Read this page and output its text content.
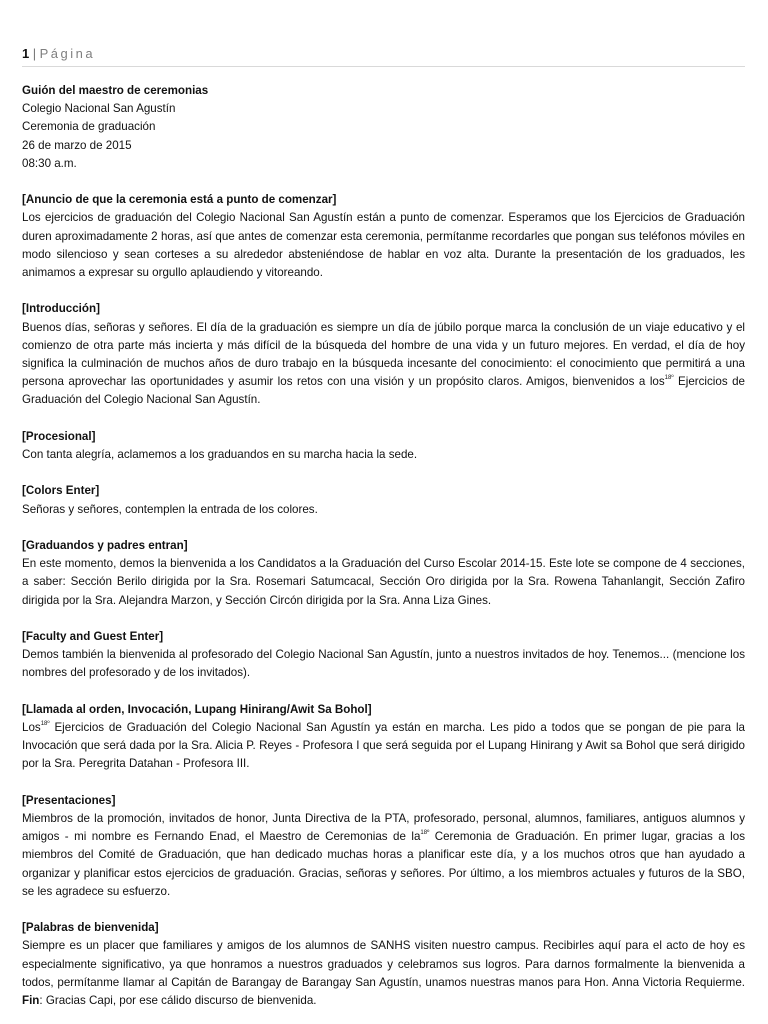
1 | Página

Guión del maestro de ceremonias

Colegio Nacional San Agustín

Ceremonia de graduación

26 de marzo de 2015

08:30 a.m.

[Anuncio de que la ceremonia está a punto de comenzar]

Los ejercicios de graduación del Colegio Nacional San Agustín están a punto de comenzar. Esperamos que los Ejercicios de Graduación duren aproximadamente 2 horas, así que antes de comenzar esta ceremonia, permítanme recordarles que pongan sus teléfonos móviles en modo silencioso y sean corteses a su alrededor absteniéndose de hablar en voz alta. Durante la presentación de los graduados, les animamos a expresar su orgullo aplaudiendo y vitoreando.

[Introducción]

Buenos días, señoras y señores. El día de la graduación es siempre un día de júbilo porque marca la conclusión de un viaje educativo y el comienzo de otra parte más incierta y más difícil de la búsqueda del hombre de una vida y un futuro mejores. En verdad, el día de hoy significa la culminación de muchos años de duro trabajo en la búsqueda incesante del conocimiento: el conocimiento que permitirá a una persona aprovechar las oportunidades y asumir los retos con una visión y un propósito claros. Amigos, bienvenidos a los$^{18º}$ Ejercicios de Graduación del Colegio Nacional San Agustín.

[Procesional]

Con tanta alegría, aclamemos a los graduandos en su marcha hacia la sede.

[Colors Enter]

Señoras y señores, contemplen la entrada de los colores.

[Graduandos y padres entran]

En este momento, demos la bienvenida a los Candidatos a la Graduación del Curso Escolar 2014-15. Este lote se compone de 4 secciones, a saber: Sección Berilo dirigida por la Sra. Rosemari Satumcacal, Sección Oro dirigida por la Sra. Rowena Tahanlangit, Sección Zafiro dirigida por la Sra. Alejandra Marzon, y Sección Circón dirigida por la Sra. Anna Liza Gines.

[Faculty and Guest Enter]

Demos también la bienvenida al profesorado del Colegio Nacional San Agustín, junto a nuestros invitados de hoy. Tenemos... (mencione los nombres del profesorado y de los invitados).

[Llamada al orden, Invocación, Lupang Hinirang/Awit Sa Bohol]

Los$^{18º}$ Ejercicios de Graduación del Colegio Nacional San Agustín ya están en marcha. Les pido a todos que se pongan de pie para la Invocación que será dada por la Sra. Alicia P. Reyes - Profesora I que será seguida por el Lupang Hinirang y Awit sa Bohol que será dirigido por la Sra. Peregrita Datahan - Profesora III.

[Presentaciones]

Miembros de la promoción, invitados de honor, Junta Directiva de la PTA, profesorado, personal, alumnos, familiares, antiguos alumnos y amigos - mi nombre es Fernando Enad, el Maestro de Ceremonias de $la^{18º}$ Ceremonia de Graduación. En primer lugar, gracias a los miembros del Comité de Graduación, que han dedicado muchas horas a planificar este día, y a los muchos otros que han ayudado a organizar y planificar estos ejercicios de graduación. Gracias, señoras y señores. Por último, a los miembros actuales y futuros de la SBO, se les agradece su esfuerzo.

[Palabras de bienvenida]

Siempre es un placer que familiares y amigos de los alumnos de SANHS visiten nuestro campus. Recibirles aquí para el acto de hoy es especialmente significativo, ya que honramos a nuestros graduados y celebramos sus logros. Para darnos formalmente la bienvenida a todos, permítanme llamar al Capitán de Barangay de Barangay San Agustín, unamos nuestras manos para Hon. Anna Victoria Requierme. Fin: Gracias Capi, por ese cálido discurso de bienvenida.
